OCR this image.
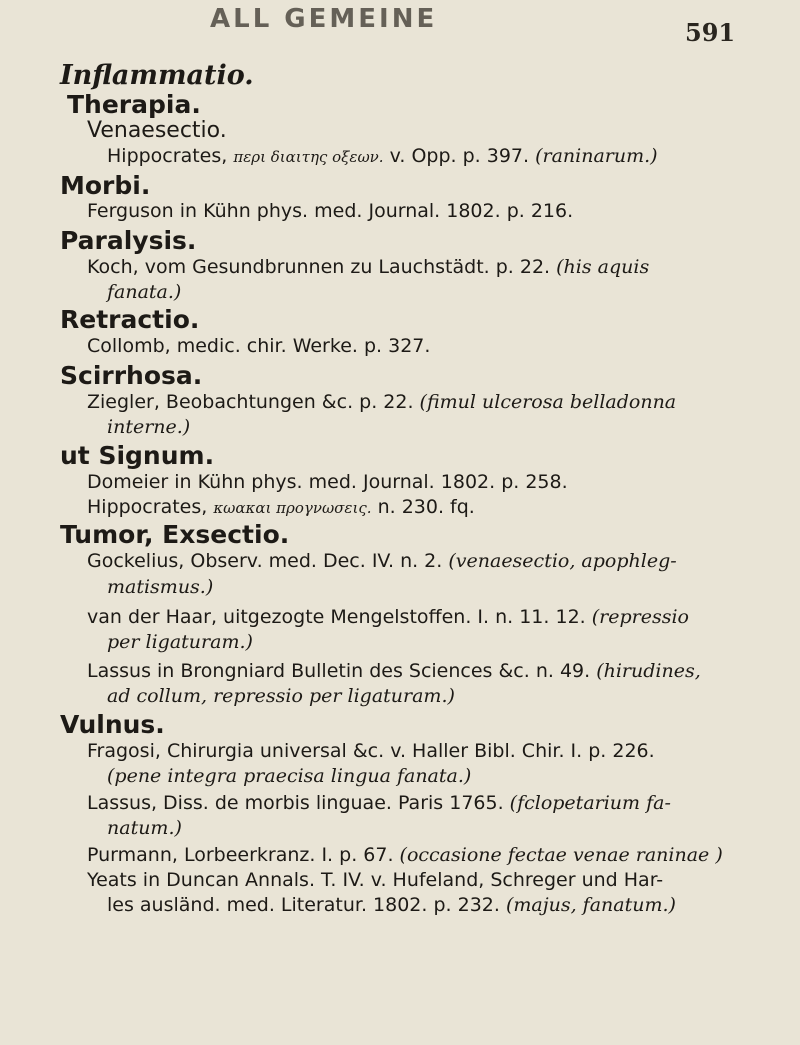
ALL GEMEINE	591
Inflammatio.
Therapia.
Venaesectio.
Hippocrates, περι διαιτης οξεων. v. Opp. p. 397. (raninarum.)
Morbi.
Ferguson in Kühn phys. med. Journal. 1802. p. 216.
Paralysis.
Koch, vom Gesundbrunnen zu Lauchstädt. p. 22. (his aquis
fanata.)
Retractio.
Collomb, medic. chir. Werke. p. 327.
Scirrhosa.
Ziegler, Beobachtungen &c. p. 22. (fimul ulcerosa belladonna
interne.)
ut Signum.
Domeier in Kühn phys. med. Journal. 1802. p. 258.
Hippocrates, κωακαι προγνωσεις. n. 230. fq.
Tumor, Exsectio.
Gockelius, Observ. med. Dec. IV. n. 2. (venaesectio, apophleg-
matismus.)
van der Haar, uitgezogte Mengelstoffen. I. n. 11. 12. (repressio
per ligaturam.)
Lassus in Brongniard Bulletin des Sciences &c. n. 49. (hirudines,
ad collum, repressio per ligaturam.)
Vulnus.
Fragosi, Chirurgia universal &c. v. Haller Bibl. Chir. I. p. 226.
(pene integra praecisa lingua fanata.)
Lassus, Diss. de morbis linguae. Paris 1765. (fclopetarium fa-
natum.)
Purmann, Lorbeerkranz. I. p. 67. (occasione fectae venae raninae )
Yeats in Duncan Annals. T. IV. v. Hufeland, Schreger und Har-
les ausländ. med. Literatur. 1802. p. 232. (majus, fanatum.)
